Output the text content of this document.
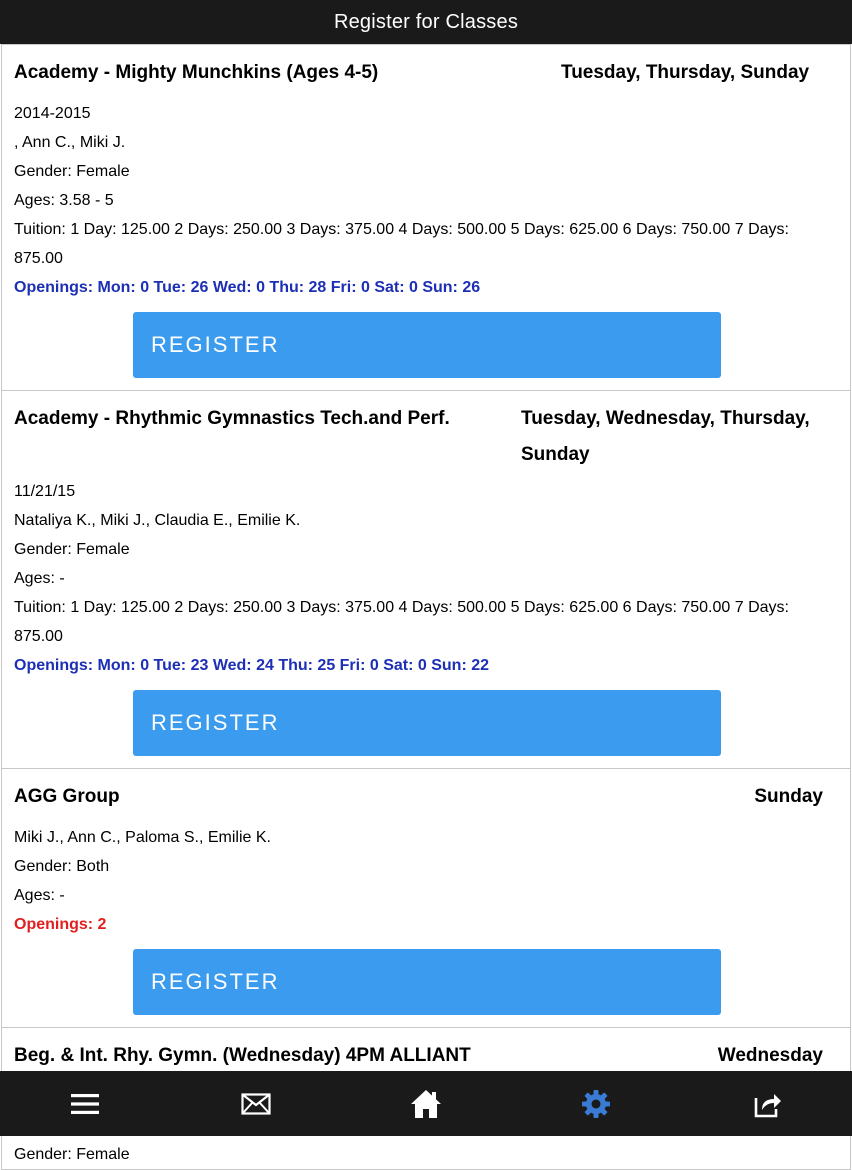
Register for Classes
Academy - Mighty Munchkins (Ages 4-5)	Tuesday, Thursday, Sunday
2014-2015
, Ann C., Miki J.
Gender: Female
Ages: 3.58 - 5
Tuition: 1 Day: 125.00 2 Days: 250.00 3 Days: 375.00 4 Days: 500.00 5 Days: 625.00 6 Days: 750.00 7 Days: 875.00
Openings: Mon: 0 Tue: 26 Wed: 0 Thu: 28 Fri: 0 Sat: 0 Sun: 26
REGISTER
Academy - Rhythmic Gymnastics Tech.and Perf.	Tuesday, Wednesday, Thursday, Sunday
11/21/15
Nataliya K., Miki J., Claudia E., Emilie K.
Gender: Female
Ages: -
Tuition: 1 Day: 125.00 2 Days: 250.00 3 Days: 375.00 4 Days: 500.00 5 Days: 625.00 6 Days: 750.00 7 Days: 875.00
Openings: Mon: 0 Tue: 23 Wed: 24 Thu: 25 Fri: 0 Sat: 0 Sun: 22
REGISTER
AGG Group	Sunday
Miki J., Ann C., Paloma S., Emilie K.
Gender: Both
Ages: -
Openings: 2
REGISTER
Beg. & Int. Rhy. Gymn. (Wednesday) 4PM ALLIANT	Wednesday
Gender: Female
